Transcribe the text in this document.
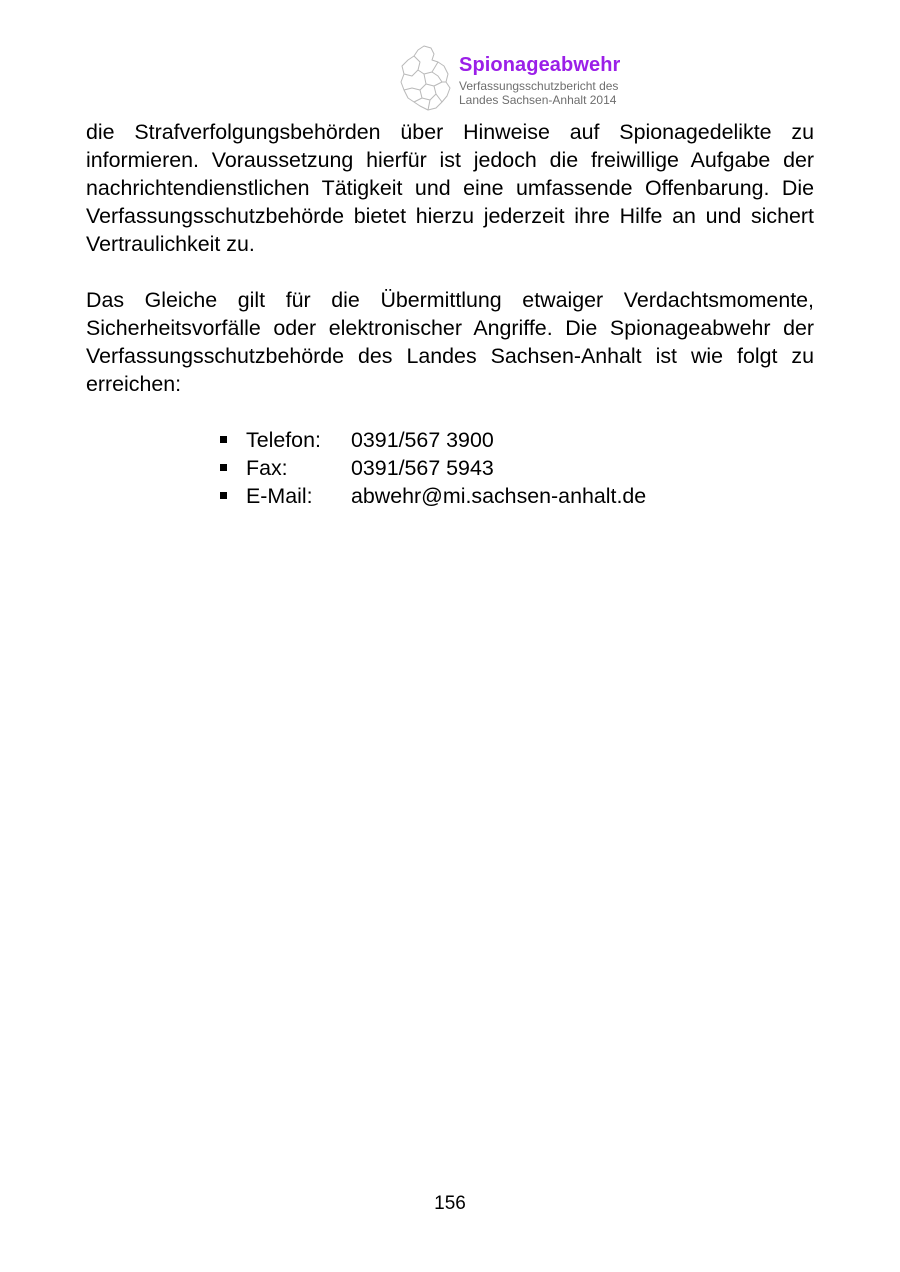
Spionageabwehr
Verfassungsschutzbericht des
Landes Sachsen-Anhalt 2014

die Strafverfolgungsbehörden über Hinweise auf Spionagedelikte zu informieren. Voraussetzung hierfür ist jedoch die freiwillige Aufgabe der nachrichtendienstlichen Tätigkeit und eine umfassende Offenbarung. Die Verfassungsschutzbehörde bietet hierzu jederzeit ihre Hilfe an und sichert Vertraulichkeit zu.

Das Gleiche gilt für die Übermittlung etwaiger Verdachtsmomente, Sicherheitsvorfälle oder elektronischer Angriffe. Die Spionageabwehr der Verfassungsschutzbehörde des Landes Sachsen-Anhalt ist wie folgt zu erreichen:

Telefon:	0391/567 3900
Fax:	0391/567 5943
E-Mail:	abwehr@mi.sachsen-anhalt.de
156
